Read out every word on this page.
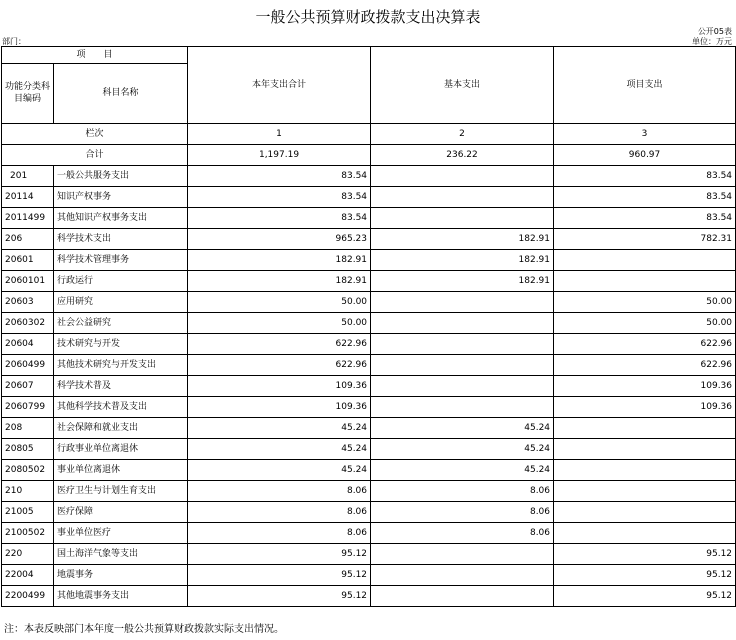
一般公共预算财政拨款支出决算表
公开05表
部门：	单位：万元
项　　目		本年支出合计	基本支出	项目支出
功能分类科目编码	科目名称			
栏次		1	2	3
合计		1,197.19	236.22	960.97
201	一般公共服务支出	83.54		83.54
20114	知识产权事务	83.54		83.54
2011499	其他知识产权事务支出	83.54		83.54
206	科学技术支出	965.23	182.91	782.31
20601	科学技术管理事务	182.91	182.91	
2060101	行政运行	182.91	182.91	
20603	应用研究	50.00		50.00
2060302	社会公益研究	50.00		50.00
20604	技术研究与开发	622.96		622.96
2060499	其他技术研究与开发支出	622.96		622.96
20607	科学技术普及	109.36		109.36
2060799	其他科学技术普及支出	109.36		109.36
208	社会保障和就业支出	45.24	45.24	
20805	行政事业单位离退休	45.24	45.24	
2080502	事业单位离退休	45.24	45.24	
210	医疗卫生与计划生育支出	8.06	8.06	
21005	医疗保障	8.06	8.06	
2100502	事业单位医疗	8.06	8.06	
220	国土海洋气象等支出	95.12		95.12
22004	地震事务	95.12		95.12
2200499	其他地震事务支出	95.12		95.12
注：本表反映部门本年度一般公共预算财政拨款实际支出情况。
